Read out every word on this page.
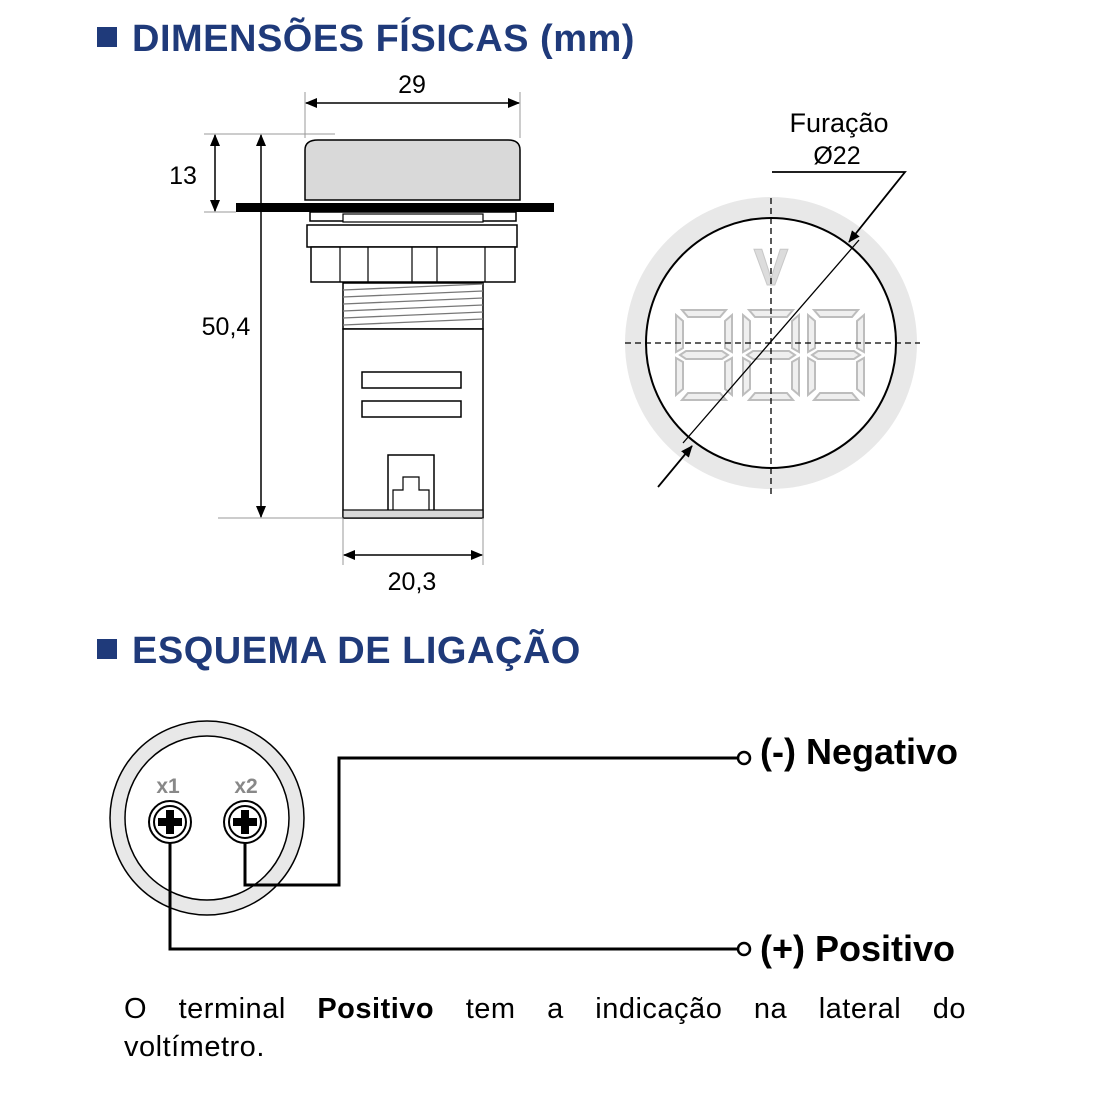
DIMENSÕES FÍSICAS (mm)
ESQUEMA DE LIGAÇÃO
29
13
50,4
20,3
V
Furação
Ø22
x1	x2
(-) Negativo
(+) Positivo
O terminal Positivo tem a indicação na lateral do voltímetro.
